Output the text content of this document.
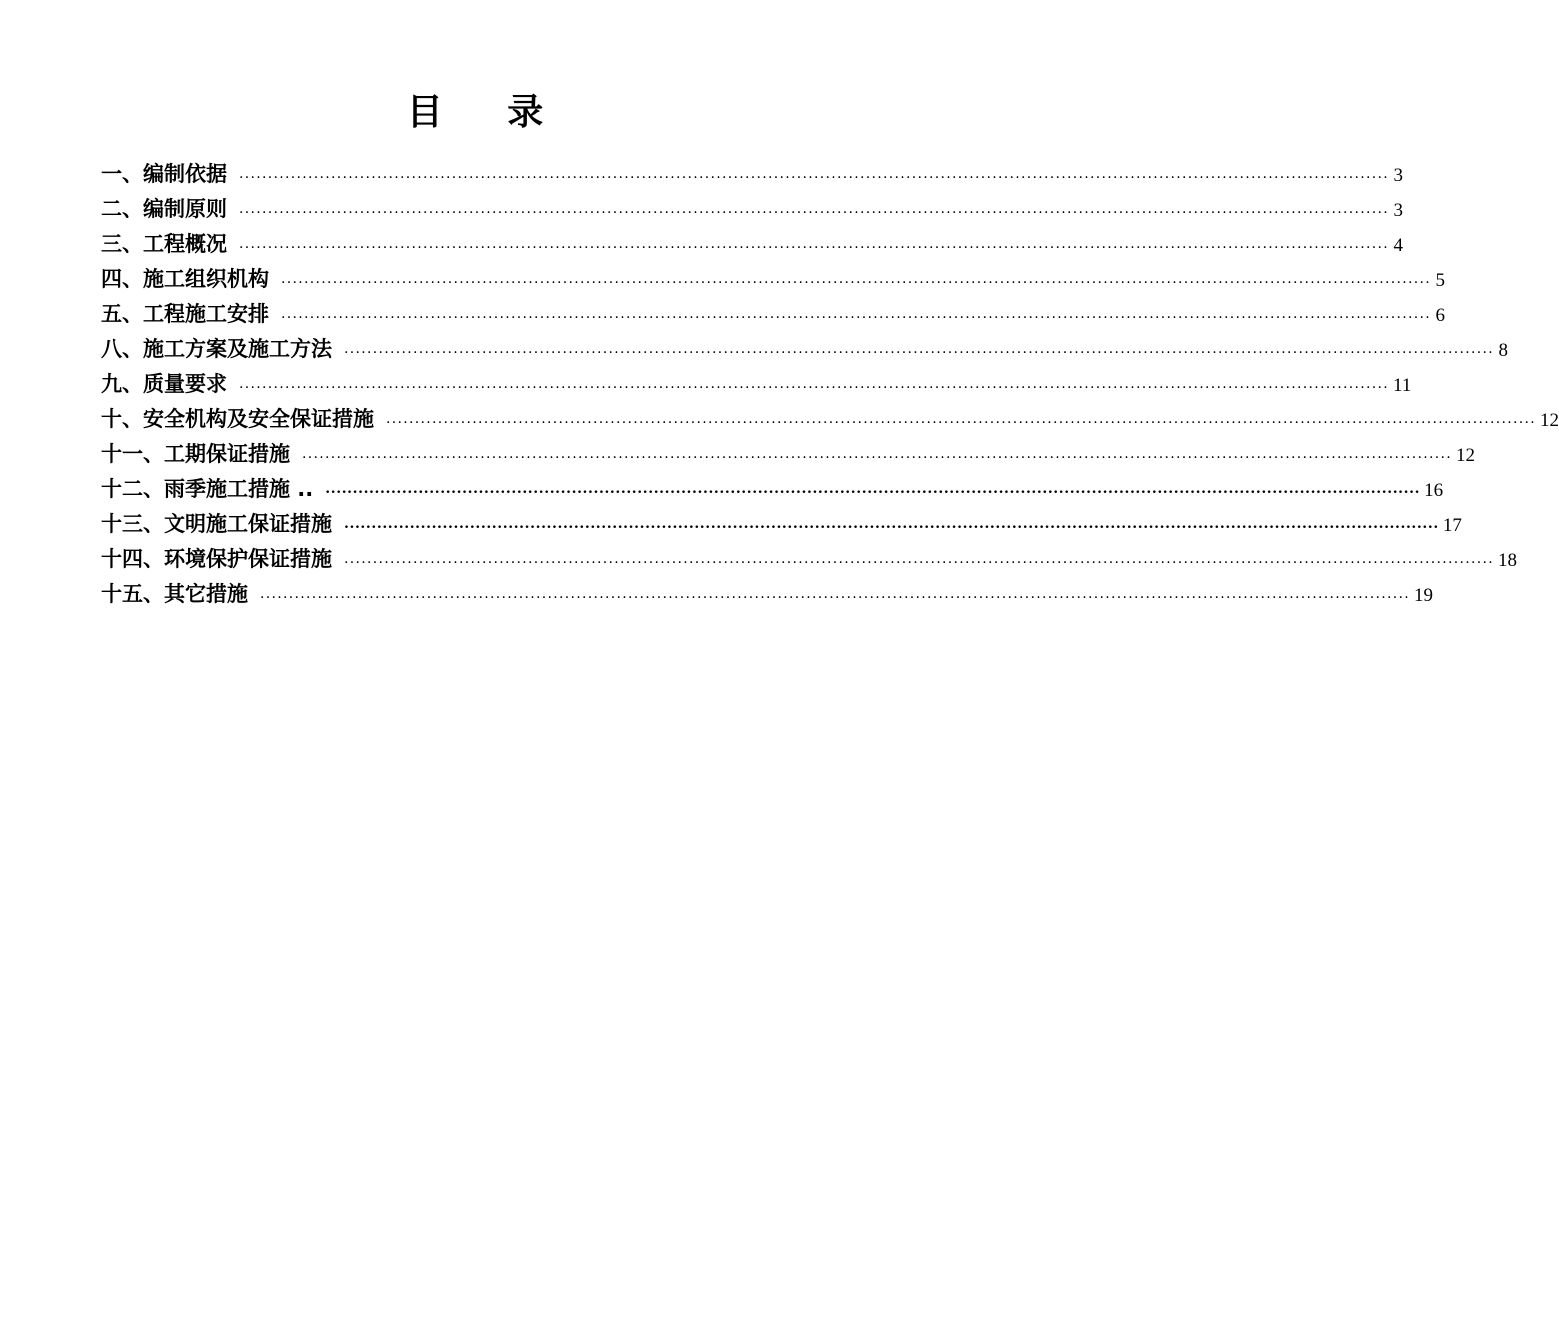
目 录
一、编制依据 ........................................................................................................................................................................................................ 3
二、编制原则 ........................................................................................................................................................................................................ 3
三、工程概况 ........................................................................................................................................................................................................ 4
四、施工组织机构 ........................................................................................................................................................................................................ 5
五、工程施工安排 ........................................................................................................................................................................................................ 6
八、施工方案及施工方法 ........................................................................................................................................................................................................ 8
九、质量要求 ........................................................................................................................................................................................................ 11
十、安全机构及安全保证措施 ........................................................................................................................................................................................................ 12
十一、工期保证措施 ........................................................................................................................................................................................................ 12
十二、雨季施工措施 .. ........................................................................................................................................................................................................ 16
十三、文明施工保证措施 ........................................................................................................................................................................................................ 17
十四、环境保护保证措施 ........................................................................................................................................................................................................ 18
十五、其它措施 ........................................................................................................................................................................................................ 19
